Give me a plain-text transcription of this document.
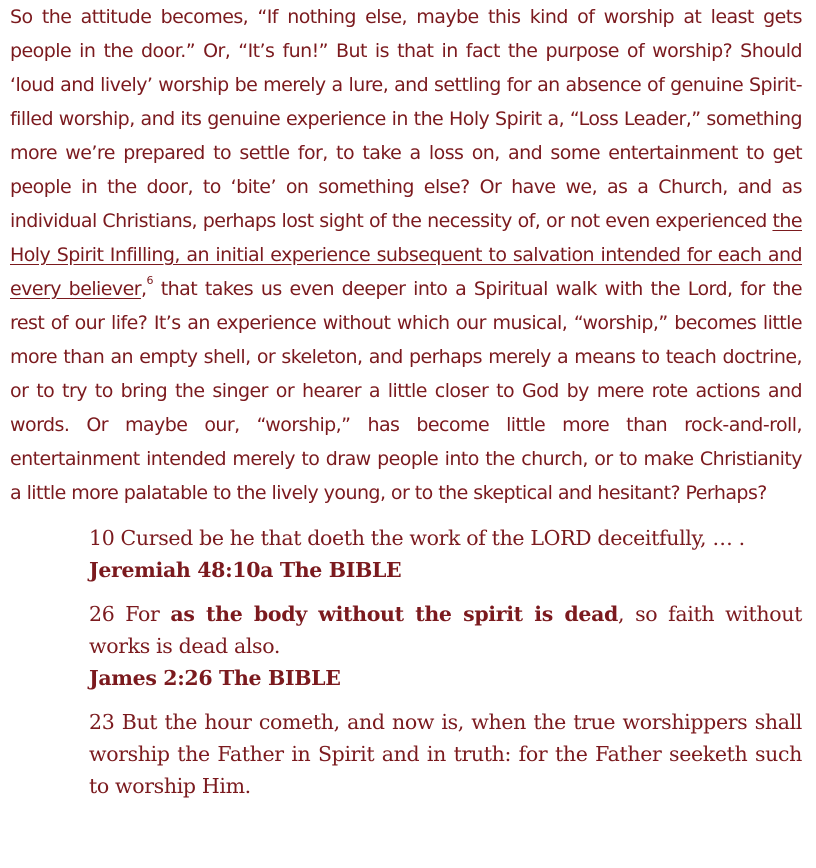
So the attitude becomes, “If nothing else, maybe this kind of worship at least gets people in the door.” Or, “It’s fun!” But is that in fact the purpose of worship? Should ‘loud and lively’ worship be merely a lure, and settling for an absence of genuine Spirit-filled worship, and its genuine experience in the Holy Spirit a, “Loss Leader,” something more we’re prepared to settle for, to take a loss on, and some entertainment to get people in the door, to ‘bite’ on something else? Or have we, as a Church, and as individual Christians, perhaps lost sight of the necessity of, or not even experienced the Holy Spirit Infilling, an initial experience subsequent to salvation intended for each and every believer,$^6$ that takes us even deeper into a Spiritual walk with the Lord, for the rest of our life? It’s an experience without which our musical, “worship,” becomes little more than an empty shell, or skeleton, and perhaps merely a means to teach doctrine, or to try to bring the singer or hearer a little closer to God by mere rote actions and words. Or maybe our, “worship,” has become little more than rock-and-roll, entertainment intended merely to draw people into the church, or to make Christianity a little more palatable to the lively young, or to the skeptical and hesitant? Perhaps?

10 Cursed be he that doeth the work of the LORD deceitfully, … .

Jeremiah 48:10a The BIBLE

26 For as the body without the spirit is dead, so faith without works is dead also.

James 2:26 The BIBLE

23 But the hour cometh, and now is, when the true worshippers shall worship the Father in Spirit and in truth: for the Father seeketh such to worship Him.
